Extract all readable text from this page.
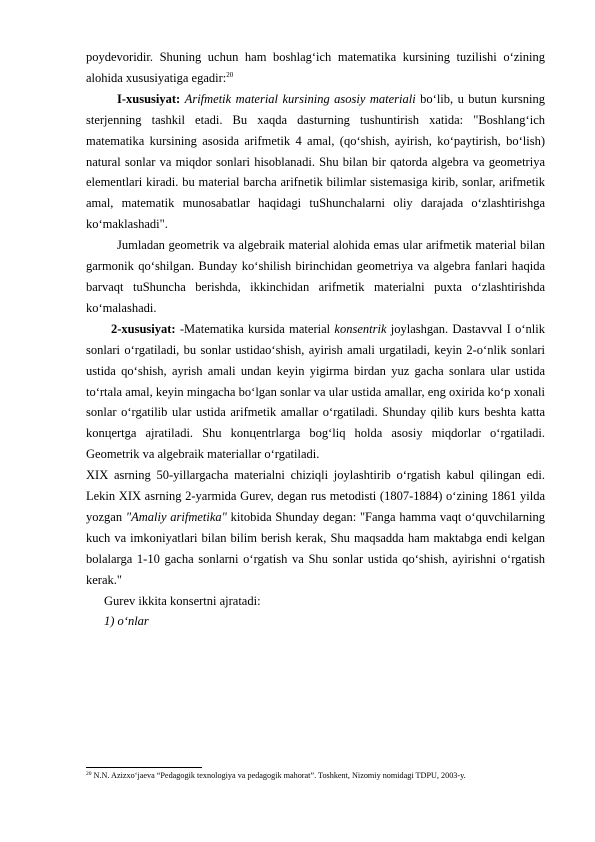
poydevoridir. Shuning uchun ham boshlag‘ich matematika kursining tuzilishi o‘zining alohida xususiyatiga egadir:$^{20}$

I-xususiyat: Arifmetik material kursining asosiy materiali bo‘lib, u butun kursning sterjenning tashkil etadi. Bu xaqda dasturning tushuntirish xatida: "Boshlang‘ich matematika kursining asosida arifmetik 4 amal, (qo‘shish, ayirish, ko‘paytirish, bo‘lish) natural sonlar va miqdor sonlari hisoblanadi. Shu bilan bir qatorda algebra va geometriya elementlari kiradi. bu material barcha arifnetik bilimlar sistemasiga kirib, sonlar, arifmetik amal, matematik munosabatlar haqidagi tuShunchalarni oliy darajada o‘zlashtirishga ko‘maklashadi".

Jumladan geometrik va algebraik material alohida emas ular arifmetik material bilan garmonik qo‘shilgan. Bunday ko‘shilish birinchidan geometriya va algebra fanlari haqida barvaqt tuShuncha berishda, ikkinchidan arifmetik materialni puxta o‘zlashtirishda ko‘malashadi.

2-xususiyat: -Matematika kursida material konsentrik joylashgan. Dastavval I o‘nlik sonlari o‘rgatiladi, bu sonlar ustidao‘shish, ayirish amali urgatiladi, keyin 2-o‘nlik sonlari ustida qo‘shish, ayrish amali undan keyin yigirma birdan yuz gacha sonlara ular ustida to‘rtala amal, keyin mingacha bo‘lgan sonlar va ular ustida amallar, eng oxirida ko‘p xonali sonlar o‘rgatilib ular ustida arifmetik amallar o‘rgatiladi. Shunday qilib kurs beshta katta konцertga ajratiladi. Shu konцentrlarga bog‘liq holda asosiy miqdorlar o‘rgatiladi. Geometrik va algebraik materiallar o‘rgatiladi.

XIX asrning 50-yillargacha materialni chiziqli joylashtirib o‘rgatish kabul qilingan edi. Lekin XIX asrning 2-yarmida Gurev, degan rus metodisti (1807-1884) o‘zining 1861 yilda yozgan "Amaliy arifmetika" kitobida Shunday degan: "Fanga hamma vaqt o‘quvchilarning kuch va imkoniyatlari bilan bilim berish kerak, Shu maqsadda ham maktabga endi kelgan bolalarga 1-10 gacha sonlarni o‘rgatish va Shu sonlar ustida qo‘shish, ayirishni o‘rgatish kerak."

Gurev ikkita konsertni ajratadi:

1) o‘nlar

$^{20}$ N.N. Azizxo‘jaeva “Pedagogik texnologiya va pedagogik mahorat”. Toshkent, Nizomiy nomidagi TDPU, 2003-y.
